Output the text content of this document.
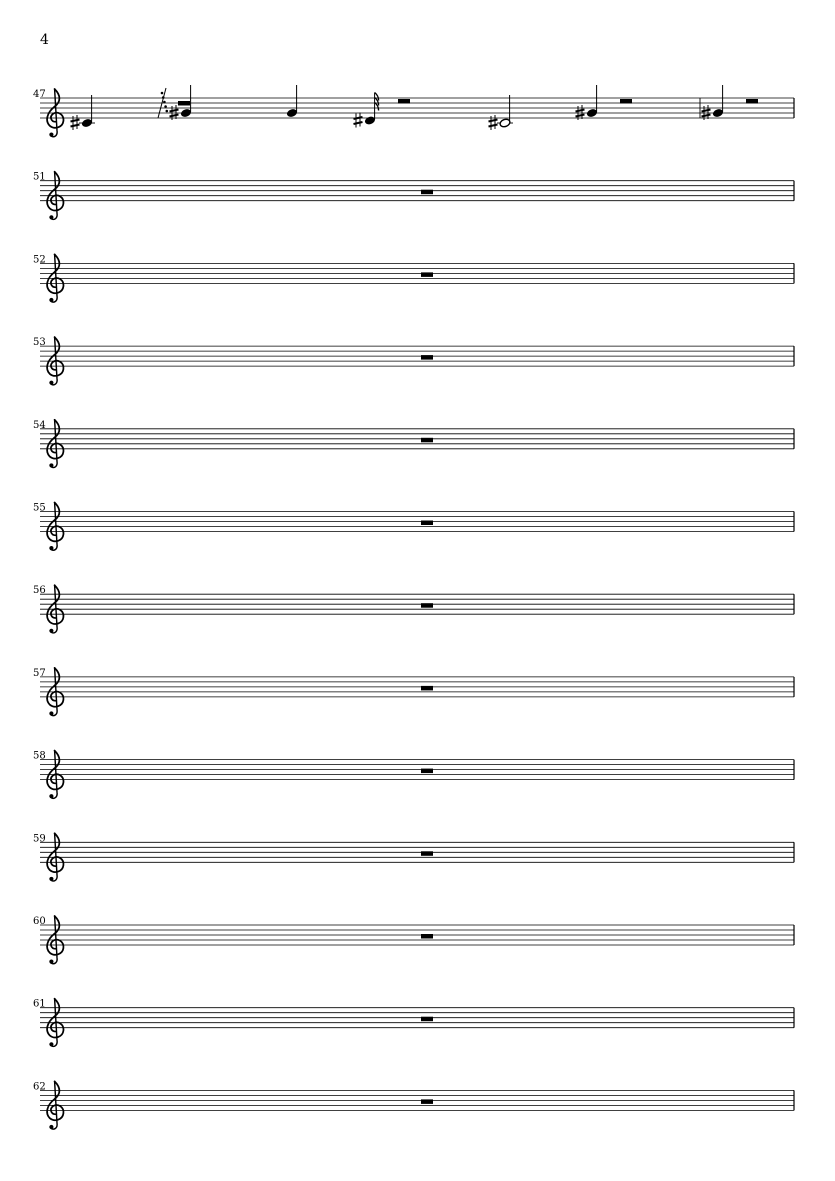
4
47
51
52
53
54
55
56
57
58
59
60
61
62
